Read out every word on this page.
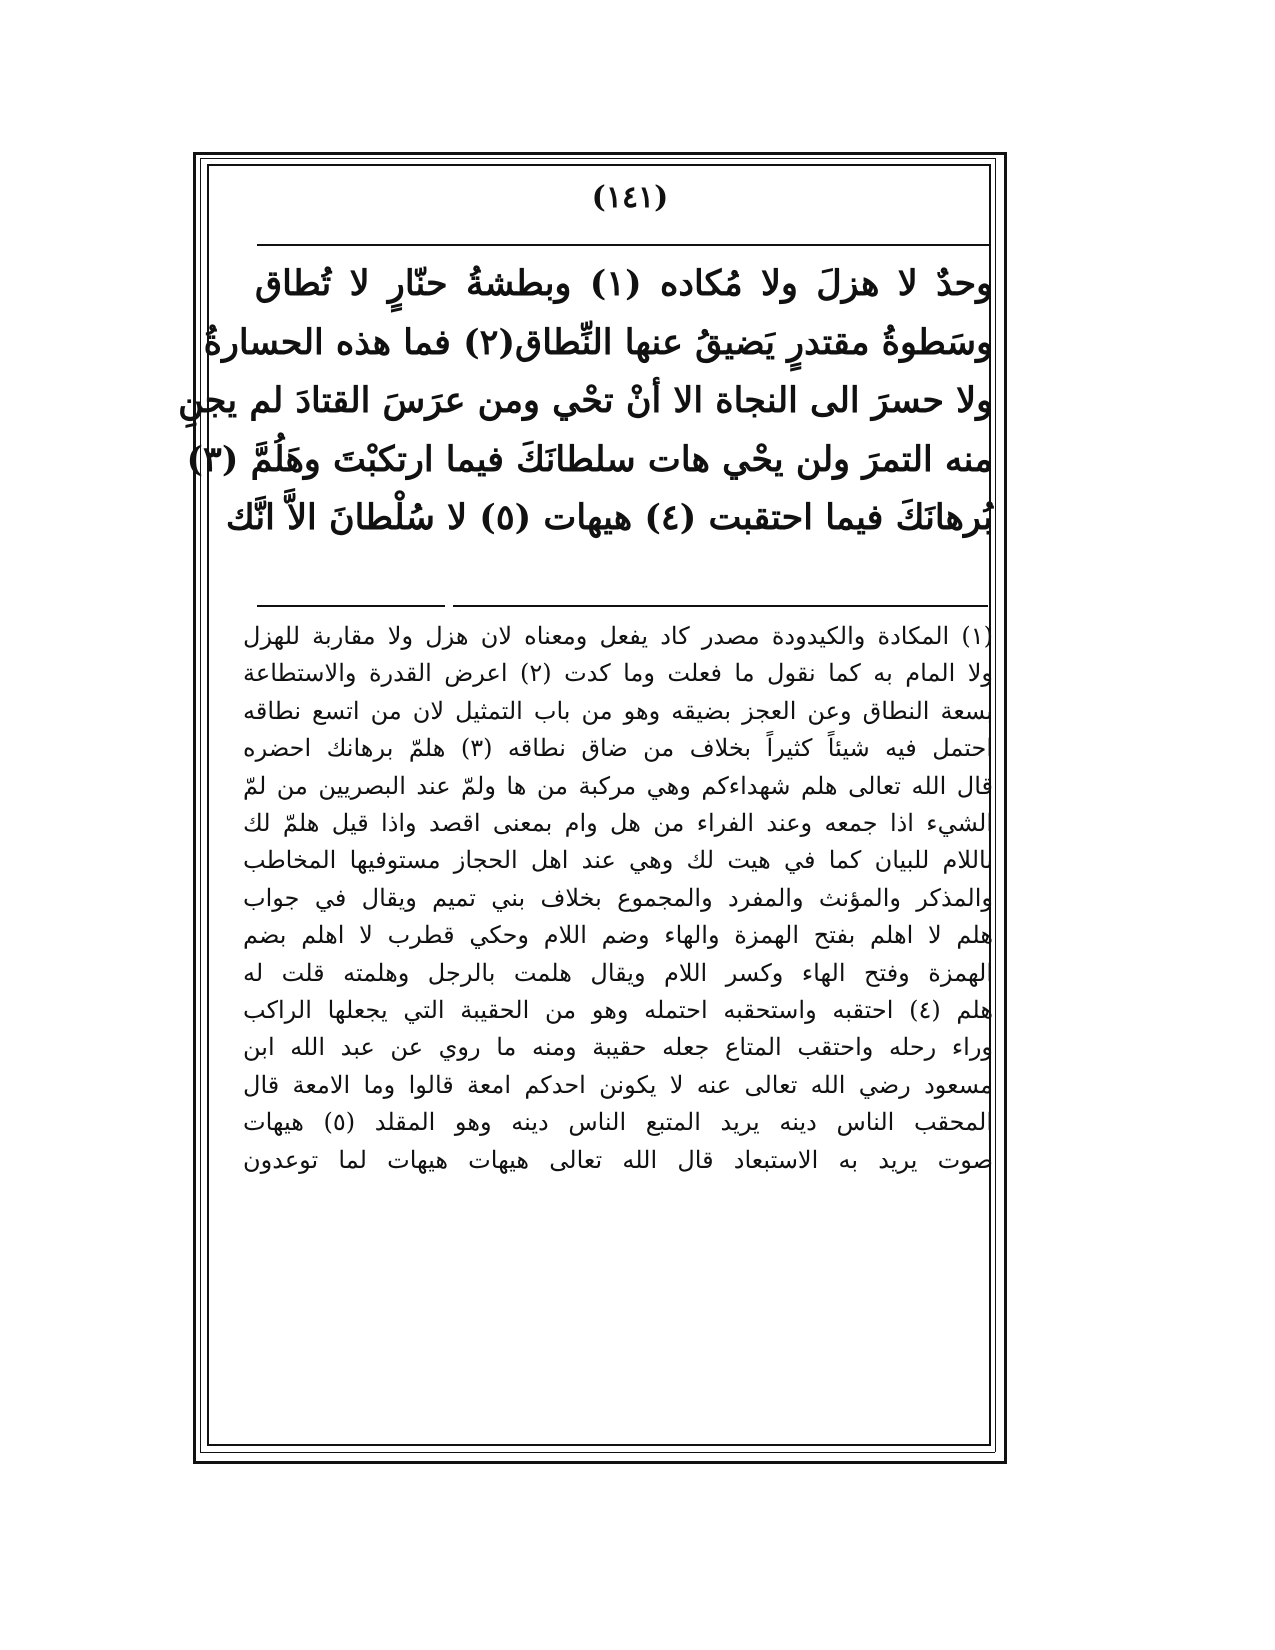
(١٤١)
وحدٌ لا هزلَ ولا مُكاده (١) وبطشةُ حنّارٍ لا تُطاق
وسَطوةُ مقتدرٍ يَضيقُ عنها النِّطاق(٢) فما هذه الحسارةُ
ولا حسرَ الى النجاة الا أنْ تحْي ومن عرَسَ القتادَ لم يجنِ
منه التمرَ ولن يحْي هات سلطانَكَ فيما ارتكبْتَ وهَلُمَّ (٣)
بُرهانَكَ فيما احتقبت (٤) هيهات (٥) لا سُلْطانَ الاَّ انَّك
(١) المكادة والكيدودة مصدر كاد يفعل ومعناه لان هزل ولا مقاربة للهزل
ولا المام به كما نقول ما فعلت وما كدت (٢) اعرض القدرة والاستطاعة
بسعة النطاق وعن العجز بضيقه وهو من باب التمثيل لان من اتسع نطاقه
احتمل فيه شيئاً كثيراً بخلاف من ضاق نطاقه (٣) هلمّ برهانك احضره
قال الله تعالى هلم شهداءكم وهي مركبة من ها ولمّ عند البصريين من لمّ
الشيء اذا جمعه وعند الفراء من هل وام بمعنى اقصد واذا قيل هلمّ لك
باللام للبيان كما في هيت لك وهي عند اهل الحجاز مستوفيها المخاطب
والمذكر والمؤنث والمفرد والمجموع بخلاف بني تميم ويقال في جواب
هلم لا اهلم بفتح الهمزة والهاء وضم اللام وحكي قطرب لا اهلم بضم
الهمزة وفتح الهاء وكسر اللام ويقال هلمت بالرجل وهلمته قلت له
هلم (٤) احتقبه واستحقبه احتمله وهو من الحقيبة التي يجعلها الراكب
وراء رحله واحتقب المتاع جعله حقيبة ومنه ما روي عن عبد الله ابن
مسعود رضي الله تعالى عنه لا يكونن احدكم امعة قالوا وما الامعة قال
المحقب الناس دينه يريد المتبع الناس دينه وهو المقلد (٥) هيهات
صوت يريد به الاستبعاد قال الله تعالى هيهات هيهات لما توعدون
